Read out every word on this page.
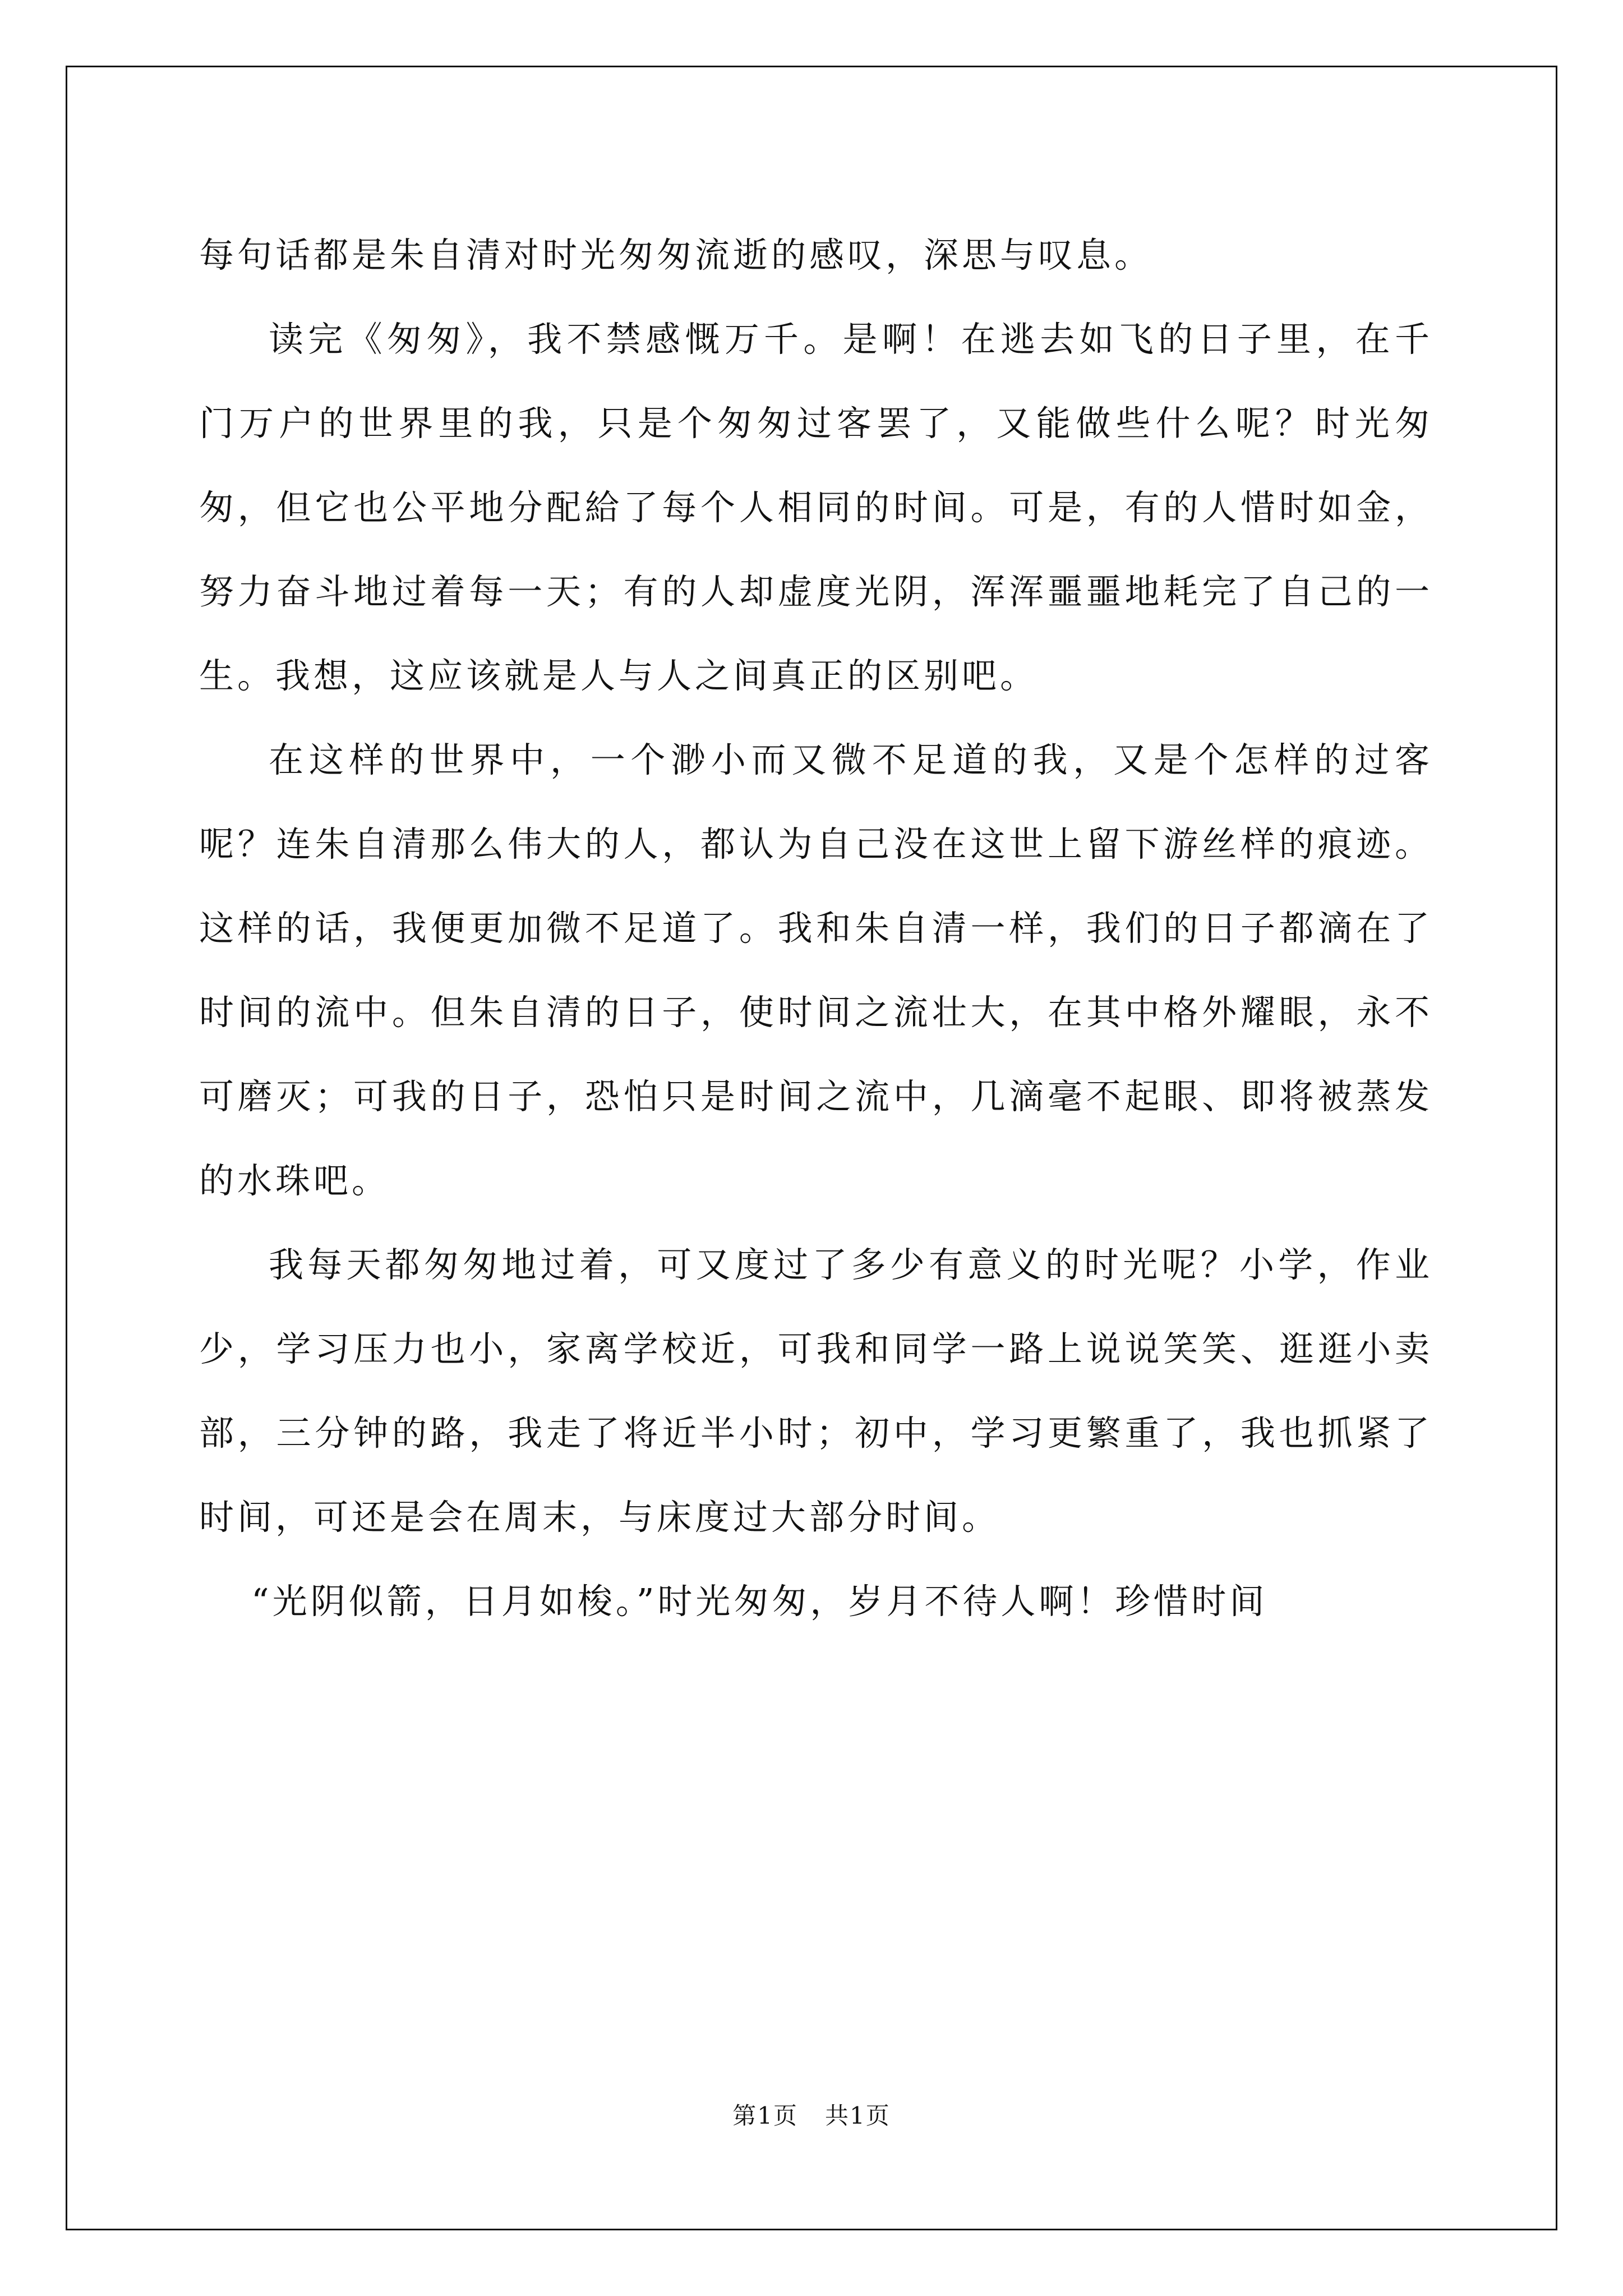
每句话都是朱自清对时光匆匆流逝的感叹，深思与叹息。

读完《匆匆》，我不禁感慨万千。是啊！在逃去如飞的日子里，在千门万户的世界里的我，只是个匆匆过客罢了，又能做些什么呢？时光匆匆，但它也公平地分配給了每个人相同的时间。可是，有的人惜时如金，努力奋斗地过着每一天；有的人却虚度光阴，浑浑噩噩地耗完了自己的一生。我想，这应该就是人与人之间真正的区别吧。

在这样的世界中，一个渺小而又微不足道的我，又是个怎样的过客呢？连朱自清那么伟大的人，都认为自己没在这世上留下游丝样的痕迹。这样的话，我便更加微不足道了。我和朱自清一样，我们的日子都滴在了时间的流中。但朱自清的日子，使时间之流壮大，在其中格外耀眼，永不可磨灭；可我的日子，恐怕只是时间之流中，几滴毫不起眼、即将被蒸发的水珠吧。

我每天都匆匆地过着，可又度过了多少有意义的时光呢？小学，作业少，学习压力也小，家离学校近，可我和同学一路上说说笑笑、逛逛小卖部，三分钟的路，我走了将近半小时；初中，学习更繁重了，我也抓紧了时间，可还是会在周末，与床度过大部分时间。

“光阴似箭，日月如梭。”时光匆匆，岁月不待人啊！珍惜时间

第1页 共1页
